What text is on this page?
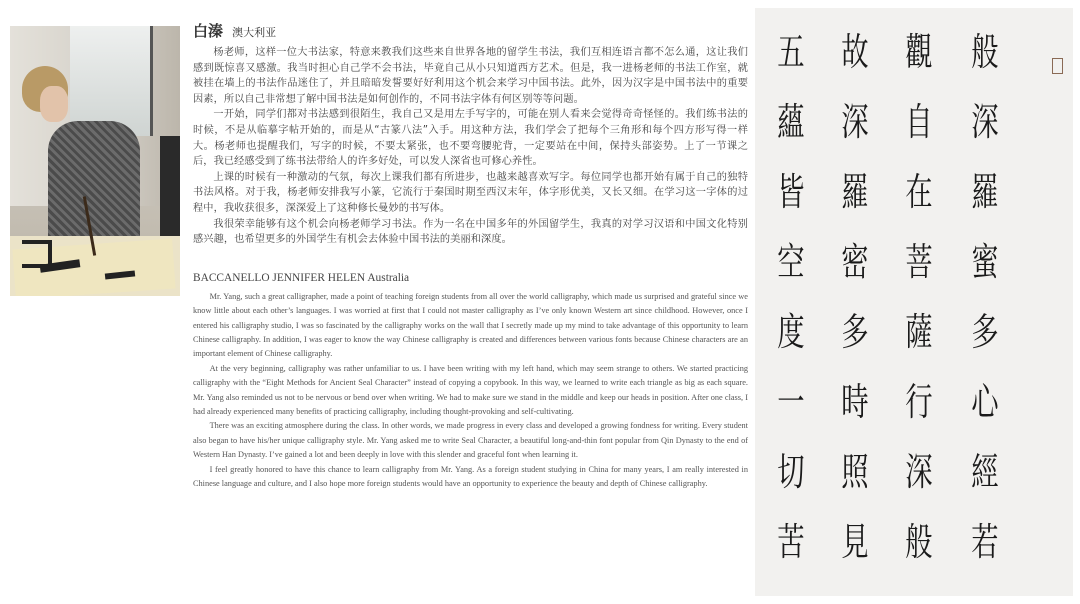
白溱 澳大利亚

杨老师，这样一位大书法家，特意来教我们这些来自世界各地的留学生书法，我们互相连语言都不怎么通，这让我们感到既惊喜又感激。我当时担心自己学不会书法，毕竟自己从小只知道西方艺术。但是，我一进杨老师的书法工作室，就被挂在墙上的书法作品迷住了，并且暗暗发誓要好好利用这个机会来学习中国书法。此外，因为汉字是中国书法中的重要因素，所以自己非常想了解中国书法是如何创作的，不同书法字体有何区别等等问题。

一开始，同学们都对书法感到很陌生，我自己又是用左手写字的，可能在别人看来会觉得奇奇怪怪的。我们练书法的时候，不是从临摹字帖开始的，而是从“古篆八法”入手。用这种方法，我们学会了把每个三角形和每个四方形写得一样大。杨老师也提醒我们，写字的时候，不要太紧张，也不要弯腰驼背，一定要站在中间，保持头部姿势。上了一节课之后，我已经感受到了练书法带给人的许多好处，可以发人深省也可修心养性。

上课的时候有一种激动的气氛，每次上课我们都有所进步，也越来越喜欢写字。每位同学也都开始有属于自己的独特书法风格。对于我，杨老师安排我写小篆，它流行于秦国时期至西汉末年，体字形优美，又长又细。在学习这一字体的过程中，我收获很多，深深爱上了这种修长曼妙的书写体。

我很荣幸能够有这个机会向杨老师学习书法。作为一名在中国多年的外国留学生，我真的对学习汉语和中国文化特别感兴趣，也希望更多的外国学生有机会去体验中国书法的美丽和深度。

BACCANELLO JENNIFER HELEN Australia

Mr. Yang, such a great calligrapher, made a point of teaching foreign students from all over the world calligraphy, which made us surprised and grateful since we know little about each other’s languages. I was worried at first that I could not master calligraphy as I’ve only known Western art since childhood. However, once I entered his calligraphy studio, I was so fascinated by the calligraphy works on the wall that I secretly made up my mind to take advantage of this opportunity to learn Chinese calligraphy. In addition, I was eager to know the way Chinese calligraphy is created and differences between various fonts because Chinese characters are an important element of Chinese calligraphy.

At the very beginning, calligraphy was rather unfamiliar to us. I have been writing with my left hand, which may seem strange to others. We started practicing calligraphy with the “Eight Methods for Ancient Seal Character” instead of copying a copybook. In this way, we learned to write each triangle as big as each square. Mr. Yang also reminded us not to be nervous or bend over when writing. We had to make sure we stand in the middle and keep our heads in position. After one class, I had already experienced many benefits of practicing calligraphy, including thought-provoking and self-cultivating.

There was an exciting atmosphere during the class. In other words, we made progress in every class and developed a growing fondness for writing. Every student also began to have his/her unique calligraphy style. Mr. Yang asked me to write Seal Character, a beautiful long-and-thin font popular from Qin Dynasty to the end of Western Han Dynasty. I’ve gained a lot and been deeply in love with this slender and graceful font when learning it.

I feel greatly honored to have this chance to learn calligraphy from Mr. Yang. As a foreign student studying in China for many years, I am really interested in Chinese language and culture, and I also hope more foreign students would have an opportunity to experience the beauty and depth of Chinese calligraphy.

五
蘊
皆
空
度
一
切
苦
故
深
羅
密
多
時
照
見
觀
自
在
菩
薩
行
深
般
般
深
羅
蜜
多
心
經
若
